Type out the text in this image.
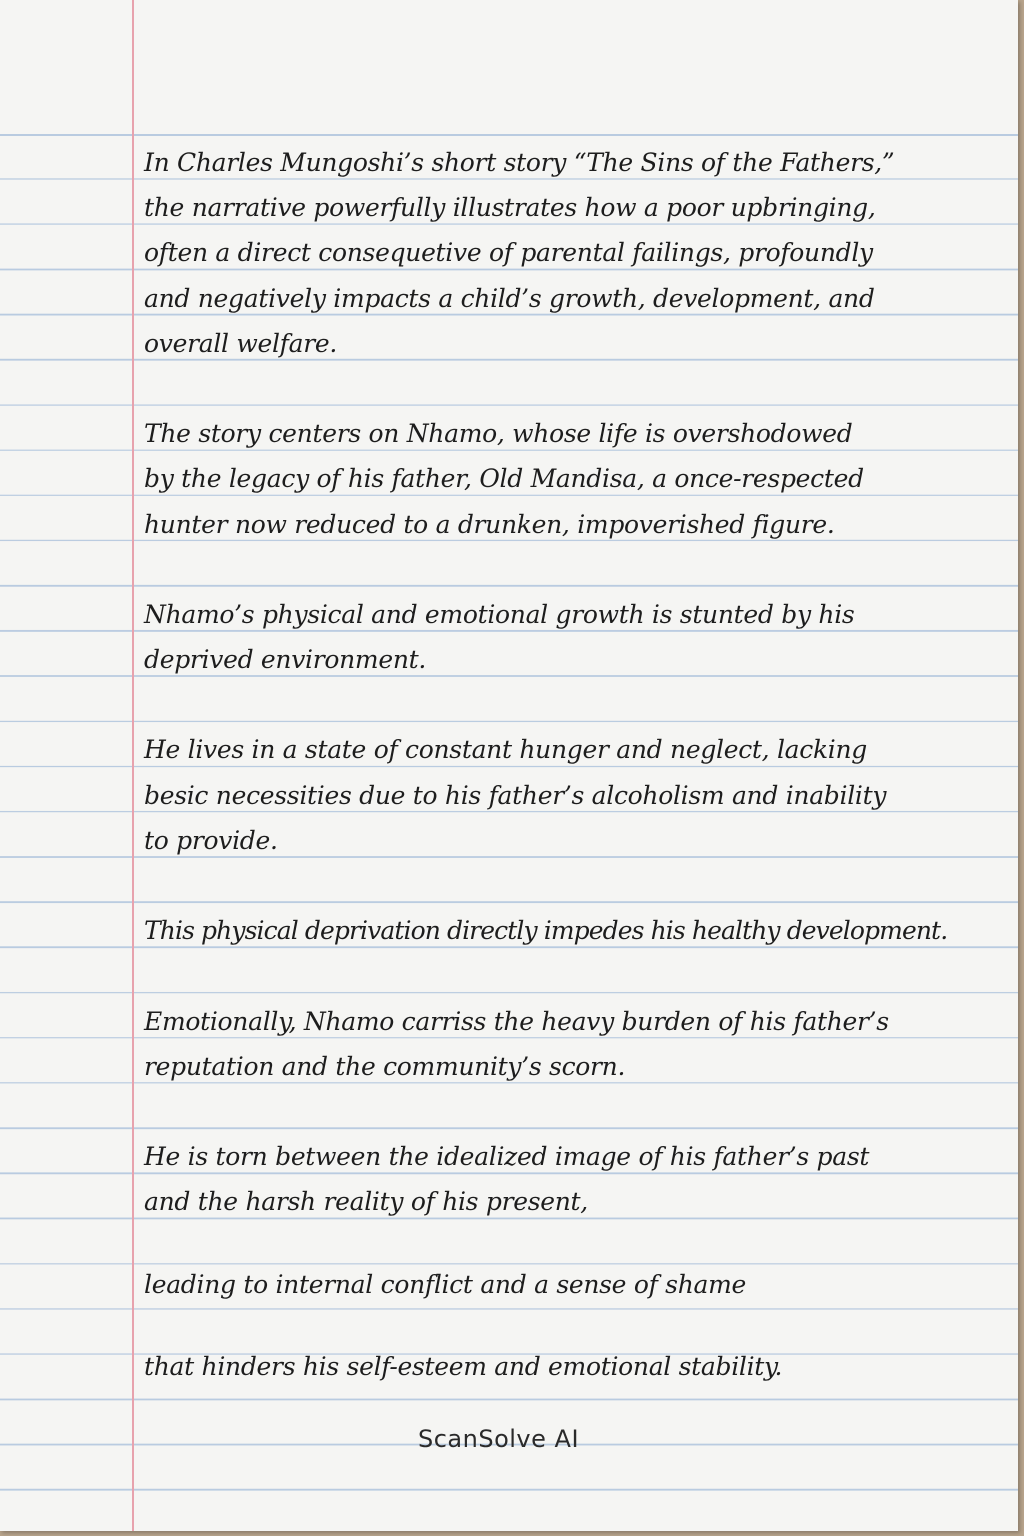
In Charles Mungoshi’s short story “The Sins of the Fathers,”
the narrative powerfully illustrates how a poor upbringing,
often a direct consequetive of parental failings, profoundly
and negatively impacts a child’s growth, development, and
overall welfare.
The story centers on Nhamo, whose life is overshodowed
by the legacy of his father, Old Mandisa, a once-respected
hunter now reduced to a drunken, impoverished figure.
Nhamo’s physical and emotional growth is stunted by his
deprived environment.
He lives in a state of constant hunger and neglect, lacking
besic necessities due to his father’s alcoholism and inability
to provide.
This physical deprivation directly impedes his healthy development.
Emotionally, Nhamo carriss the heavy burden of his father’s
reputation and the community’s scorn.
He is torn between the idealized image of his father’s past
and the harsh reality of his present,
leading to internal conflict and a sense of shame
that hinders his self-esteem and emotional stability.
ScanSolve AI
